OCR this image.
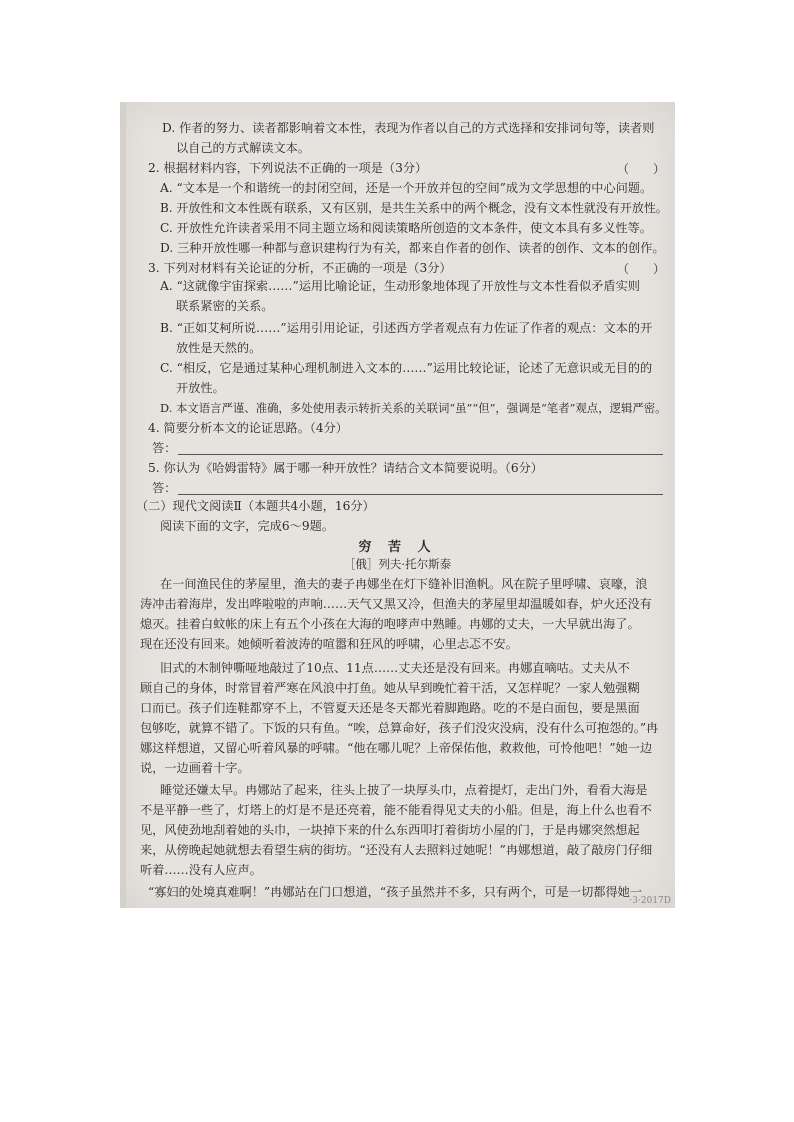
D. 作者的努力、读者都影响着文本性，表现为作者以自己的方式选择和安排词句等，读者则
以自己的方式解读文本。
2. 根据材料内容，下列说法不正确的一项是（3分）	（　　）
A. “文本是一个和谐统一的封闭空间，还是一个开放并包的空间”成为文学思想的中心问题。
B. 开放性和文本性既有联系，又有区别，是共生关系中的两个概念，没有文本性就没有开放性。
C. 开放性允许读者采用不同主题立场和阅读策略所创造的文本条件，使文本具有多义性等。
D. 三种开放性哪一种都与意识建构行为有关，都来自作者的创作、读者的创作、文本的创作。
3. 下列对材料有关论证的分析，不正确的一项是（3分）	（　　）
A. “这就像宇宙探索……”运用比喻论证，生动形象地体现了开放性与文本性看似矛盾实则
联系紧密的关系。
B. “正如艾柯所说……”运用引用论证，引述西方学者观点有力佐证了作者的观点：文本的开
放性是天然的。
C. “相反，它是通过某种心理机制进入文本的……”运用比较论证，论述了无意识或无目的的
开放性。
D. 本文语言严谨、准确，多处使用表示转折关系的关联词“虽”“但”，强调是“笔者”观点，逻辑严密。
4. 简要分析本文的论证思路。（4分）
答：
5. 你认为《哈姆雷特》属于哪一种开放性？请结合文本简要说明。（6分）
答：
（二）现代文阅读Ⅱ（本题共4小题，16分）
阅读下面的文字，完成6～9题。
穷 苦 人
［俄］列夫·托尔斯泰
在一间渔民住的茅屋里，渔夫的妻子冉娜坐在灯下缝补旧渔帆。风在院子里呼啸、哀嚎，浪
涛冲击着海岸，发出哗啦啦的声响……天气又黑又冷，但渔夫的茅屋里却温暖如春，炉火还没有
熄灭。挂着白蚊帐的床上有五个小孩在大海的咆哮声中熟睡。冉娜的丈夫，一大早就出海了。
现在还没有回来。她倾听着波涛的喧嚣和狂风的呼啸，心里忐忑不安。
旧式的木制钟嘶哑地敲过了10点、11点……丈夫还是没有回来。冉娜直嘀咕。丈夫从不
顾自己的身体，时常冒着严寒在风浪中打鱼。她从早到晚忙着干活，又怎样呢？一家人勉强糊
口而已。孩子们连鞋都穿不上，不管夏天还是冬天都光着脚跑路。吃的不是白面包，要是黑面
包够吃，就算不错了。下饭的只有鱼。“唉，总算命好，孩子们没灾没病，没有什么可抱怨的。”冉
娜这样想道，又留心听着风暴的呼啸。“他在哪儿呢？上帝保佑他，救救他，可怜他吧！”她一边
说，一边画着十字。
睡觉还嫌太早。冉娜站了起来，往头上披了一块厚头巾，点着提灯，走出门外，看看大海是
不是平静一些了，灯塔上的灯是不是还亮着，能不能看得见丈夫的小船。但是，海上什么也看不
见，风使劲地刮着她的头巾，一块掉下来的什么东西叩打着街坊小屋的门，于是冉娜突然想起
来，从傍晚起她就想去看望生病的街坊。“还没有人去照料过她呢！”冉娜想道，敲了敲房门仔细
听着……没有人应声。
“寡妇的处境真难啊！”冉娜站在门口想道，“孩子虽然并不多，只有两个，可是一切都得她一
·3·2017D
